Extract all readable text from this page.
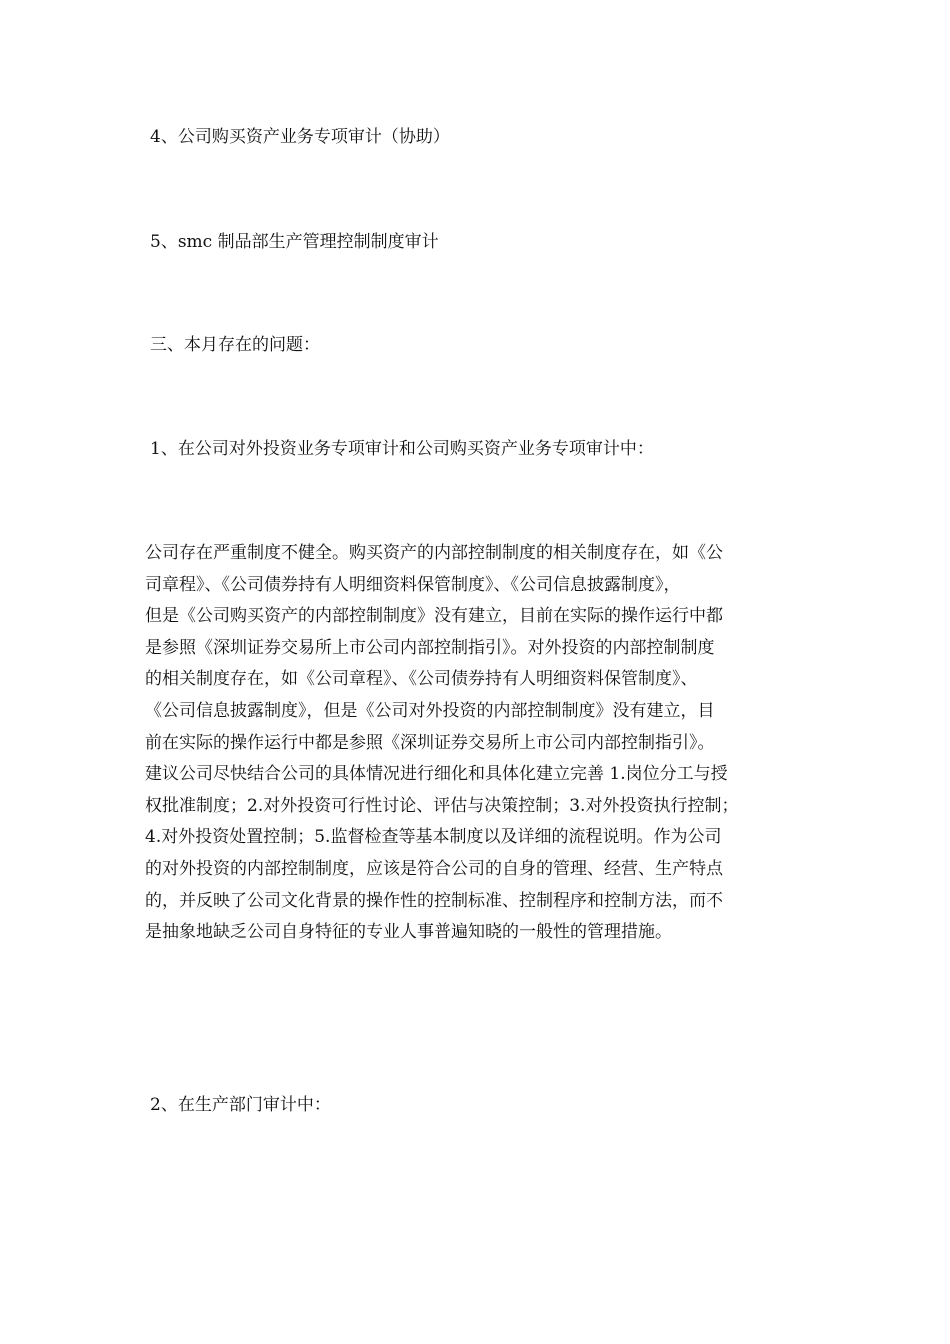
4、公司购买资产业务专项审计（协助）
5、smc 制品部生产管理控制制度审计
三、本月存在的问题：
1、在公司对外投资业务专项审计和公司购买资产业务专项审计中：
公司存在严重制度不健全。购买资产的内部控制制度的相关制度存在，如《公
司章程》、《公司债券持有人明细资料保管制度》、《公司信息披露制度》，
但是《公司购买资产的内部控制制度》没有建立，目前在实际的操作运行中都
是参照《深圳证券交易所上市公司内部控制指引》。对外投资的内部控制制度
的相关制度存在，如《公司章程》、《公司债券持有人明细资料保管制度》、
《公司信息披露制度》，但是《公司对外投资的内部控制制度》没有建立，目
前在实际的操作运行中都是参照《深圳证券交易所上市公司内部控制指引》。
建议公司尽快结合公司的具体情况进行细化和具体化建立完善 1.岗位分工与授
权批准制度；2.对外投资可行性讨论、评估与决策控制；3.对外投资执行控制；
4.对外投资处置控制；5.监督检查等基本制度以及详细的流程说明。作为公司
的对外投资的内部控制制度，应该是符合公司的自身的管理、经营、生产特点
的，并反映了公司文化背景的操作性的控制标准、控制程序和控制方法，而不
是抽象地缺乏公司自身特征的专业人事普遍知晓的一般性的管理措施。
2、在生产部门审计中：
